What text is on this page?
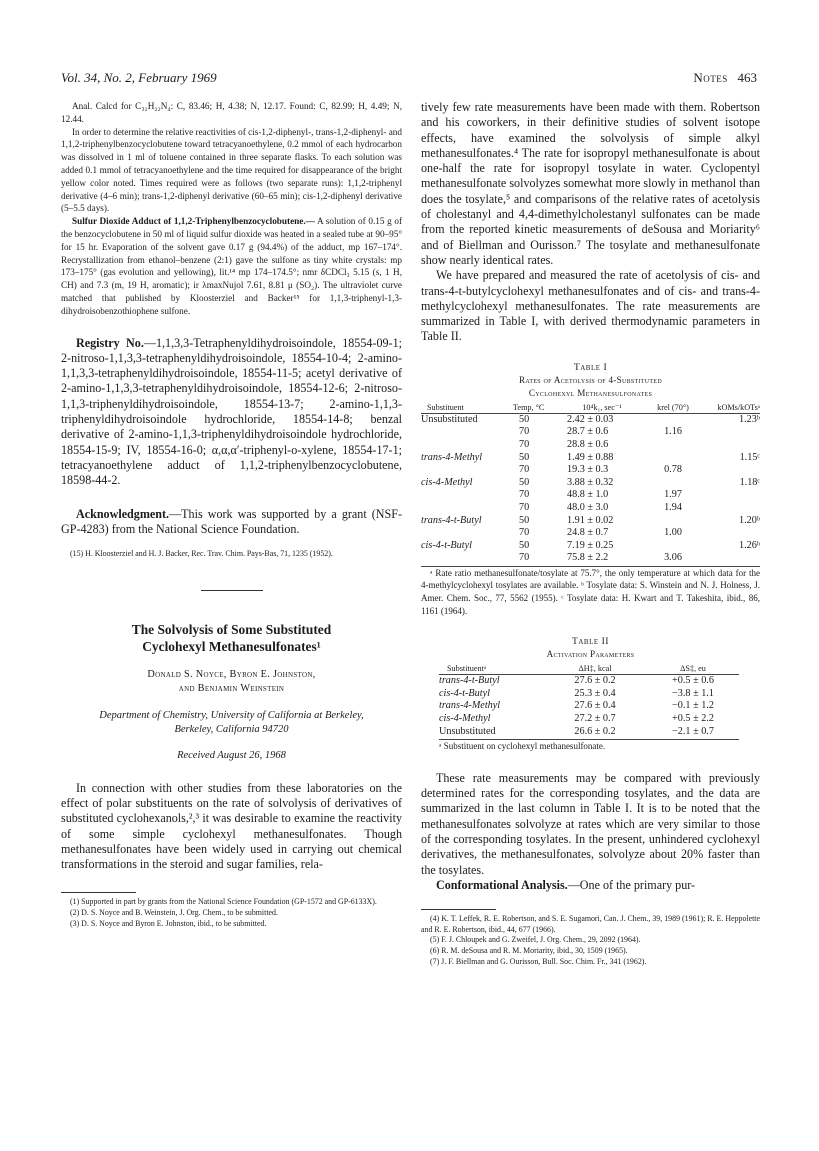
Vol. 34, No. 2, February 1969	Notes 463

Anal. Calcd for C₃₂H₂₂N₄: C, 83.46; H, 4.38; N, 12.17. Found: C, 82.99; H, 4.49; N, 12.44.

In order to determine the relative reactivities of cis-1,2-diphenyl-, trans-1,2-diphenyl- and 1,1,2-triphenylbenzocyclobutene toward tetracyanoethylene, 0.2 mmol of each hydrocarbon was dissolved in 1 ml of toluene contained in three separate flasks. To each solution was added 0.1 mmol of tetracyanoethylene and the time required for disappearance of the bright yellow color noted. Times required were as follows (two separate runs): 1,1,2-triphenyl derivative (4–6 min); trans-1,2-diphenyl derivative (60–65 min); cis-1,2-diphenyl derivative (5–5.5 days).

Sulfur Dioxide Adduct of 1,1,2-Triphenylbenzocyclobutene.— A solution of 0.15 g of the benzocyclobutene in 50 ml of liquid sulfur dioxide was heated in a sealed tube at 90–95° for 15 hr. Evaporation of the solvent gave 0.17 g (94.4%) of the adduct, mp 167–174°. Recrystallization from ethanol–benzene (2:1) gave the sulfone as tiny white crystals: mp 173–175° (gas evolution and yellowing), lit.¹⁴ mp 174–174.5°; nmr δCDCl₃ 5.15 (s, 1 H, CH) and 7.3 (m, 19 H, aromatic); ir λmaxNujol 7.61, 8.81 μ (SO₂). The ultraviolet curve matched that published by Kloosterziel and Backer¹⁵ for 1,1,3-triphenyl-1,3-dihydroisobenzothiophene sulfone.

Registry No.—1,1,3,3-Tetraphenyldihydroisoindole, 18554-09-1; 2-nitroso-1,1,3,3-tetraphenyldihydroisoindole, 18554-10-4; 2-amino-1,1,3,3-tetraphenyldihydroisoindole, 18554-11-5; acetyl derivative of 2-amino-1,1,3,3-tetraphenyldihydroisoindole, 18554-12-6; 2-nitroso-1,1,3-triphenyldihydroisoindole, 18554-13-7; 2-amino-1,1,3-triphenyldihydroisoindole hydrochloride, 18554-14-8; benzal derivative of 2-amino-1,1,3-triphenyldihydroisoindole hydrochloride, 18554-15-9; IV, 18554-16-0; α,α,α′-triphenyl-o-xylene, 18554-17-1; tetracyanoethylene adduct of 1,1,2-triphenylbenzocyclobutene, 18598-44-2.

Acknowledgment.—This work was supported by a grant (NSF-GP-4283) from the National Science Foundation.

(15) H. Kloosterziel and H. J. Backer, Rec. Trav. Chim. Pays-Bas, 71, 1235 (1952).

The Solvolysis of Some Substituted
Cyclohexyl Methanesulfonates¹
Donald S. Noyce, Byron E. Johnston,
and Benjamin Weinstein
Department of Chemistry, University of California at Berkeley,
Berkeley, California 94720
Received August 26, 1968

In connection with other studies from these laboratories on the effect of polar substituents on the rate of solvolysis of derivatives of substituted cyclohexanols,²,³ it was desirable to examine the reactivity of some simple cyclohexyl methanesulfonates. Though methanesulfonates have been widely used in carrying out chemical transformations in the steroid and sugar families, rela-

(1) Supported in part by grants from the National Science Foundation (GP-1572 and GP-6133X).

(2) D. S. Noyce and B. Weinstein, J. Org. Chem., to be submitted.

(3) D. S. Noyce and Byron E. Johnston, ibid., to be submitted.

tively few rate measurements have been made with them. Robertson and his coworkers, in their definitive studies of solvent isotope effects, have examined the solvolysis of simple alkyl methanesulfonates.⁴ The rate for isopropyl methanesulfonate is about one-half the rate for isopropyl tosylate in water. Cyclopentyl methanesulfonate solvolyzes somewhat more slowly in methanol than does the tosylate,⁵ and comparisons of the relative rates of acetolysis of cholestanyl and 4,4-dimethylcholestanyl sulfonates can be made from the reported kinetic measurements of deSousa and Moriarity⁶ and of Biellman and Ourisson.⁷ The tosylate and methanesulfonate show nearly identical rates.

We have prepared and measured the rate of acetolysis of cis- and trans-4-t-butylcyclohexyl methanesulfonates and of cis- and trans-4-methylcyclohexyl methanesulfonates. The rate measurements are summarized in Table I, with derived thermodynamic parameters in Table II.

Table I
Rates of Acetolysis of 4-Substituted
Cyclohexyl Methanesulfonates
Substituent	Temp, °C	10⁴k₁, sec⁻¹	krel (70°)	kOMs/kOTsᵃ
Unsubstituted	50	2.42 ± 0.03		1.23ᵇ
	70	28.7 ± 0.6	1.16	
	70	28.8 ± 0.6		
trans-4-Methyl	50	1.49 ± 0.88		1.15ᶜ
	70	19.3 ± 0.3	0.78	
cis-4-Methyl	50	3.88 ± 0.32		1.18ᶜ
	70	48.8 ± 1.0	1.97	
	70	48.0 ± 3.0	1.94	
trans-4-t-Butyl	50	1.91 ± 0.02		1.20ᵇ
	70	24.8 ± 0.7	1.00	
cis-4-t-Butyl	50	7.19 ± 0.25		1.26ᵇ
	70	75.8 ± 2.2	3.06	

ᵃ Rate ratio methanesulfonate/tosylate at 75.7°, the only temperature at which data for the 4-methylcyclohexyl tosylates are available. ᵇ Tosylate data: S. Winstein and N. J. Holness, J. Amer. Chem. Soc., 77, 5562 (1955). ᶜ Tosylate data: H. Kwart and T. Takeshita, ibid., 86, 1161 (1964).

Table II
Activation Parameters
Substituentᵃ	ΔH‡, kcal	ΔS‡, eu
trans-4-t-Butyl	27.6 ± 0.2	+0.5 ± 0.6
cis-4-t-Butyl	25.3 ± 0.4	−3.8 ± 1.1
trans-4-Methyl	27.6 ± 0.4	−0.1 ± 1.2
cis-4-Methyl	27.2 ± 0.7	+0.5 ± 2.2
Unsubstituted	26.6 ± 0.2	−2.1 ± 0.7

ᵃ Substituent on cyclohexyl methanesulfonate.

These rate measurements may be compared with previously determined rates for the corresponding tosylates, and the data are summarized in the last column in Table I. It is to be noted that the methanesulfonates solvolyze at rates which are very similar to those of the corresponding tosylates. In the present, unhindered cyclohexyl derivatives, the methanesulfonates, solvolyze about 20% faster than the tosylates.

Conformational Analysis.—One of the primary pur-

(4) K. T. Leffek, R. E. Robertson, and S. E. Sugamori, Can. J. Chem., 39, 1989 (1961); R. E. Heppolette and R. E. Robertson, ibid., 44, 677 (1966).

(5) F. J. Chloupek and G. Zweifel, J. Org. Chem., 29, 2092 (1964).

(6) R. M. deSousa and R. M. Moriarity, ibid., 30, 1509 (1965).

(7) J. F. Biellman and G. Ourisson, Bull. Soc. Chim. Fr., 341 (1962).
